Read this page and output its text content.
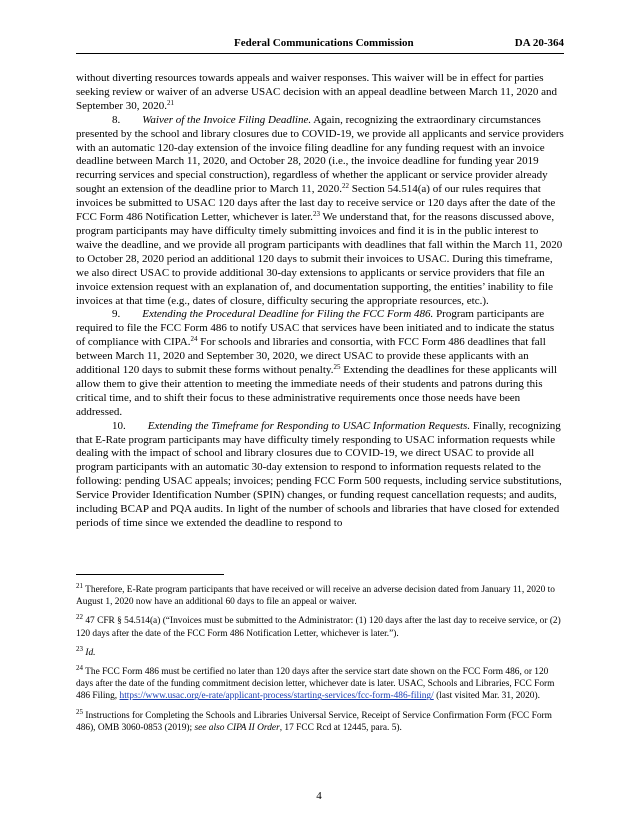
Federal Communications Commission	DA 20-364

without diverting resources towards appeals and waiver responses. This waiver will be in effect for parties seeking review or waiver of an adverse USAC decision with an appeal deadline between March 11, 2020 and September 30, 2020.21

8.   Waiver of the Invoice Filing Deadline. Again, recognizing the extraordinary circumstances presented by the school and library closures due to COVID-19, we provide all applicants and service providers with an automatic 120-day extension of the invoice filing deadline for any funding request with an invoice deadline between March 11, 2020, and October 28, 2020 (i.e., the invoice deadline for funding year 2019 recurring services and special construction), regardless of whether the applicant or service provider already sought an extension of the deadline prior to March 11, 2020.22 Section 54.514(a) of our rules requires that invoices be submitted to USAC 120 days after the last day to receive service or 120 days after the date of the FCC Form 486 Notification Letter, whichever is later.$^{23}$ We understand that, for the reasons discussed above, program participants may have difficulty timely submitting invoices and find it is in the public interest to waive the deadline, and we provide all program participants with deadlines that fall within the March 11, 2020 to October 28, 2020 period an additional 120 days to submit their invoices to USAC. During this timeframe, we also direct USAC to provide additional 30-day extensions to applicants or service providers that file an invoice extension request with an explanation of, and documentation supporting, the entities’ inability to file invoices at that time (e.g., dates of closure, difficulty securing the appropriate resources, etc.).

9.   Extending the Procedural Deadline for Filing the FCC Form 486. Program participants are required to file the FCC Form 486 to notify USAC that services have been initiated and to indicate the status of compliance with CIPA.$^{24}$ For schools and libraries and consortia, with FCC Form 486 deadlines that fall between March 11, 2020 and September 30, 2020, we direct USAC to provide these applicants with an additional 120 days to submit these forms without penalty.$^{25}$ Extending the deadlines for these applicants will allow them to give their attention to meeting the immediate needs of their students and patrons during this critical time, and to shift their focus to these administrative requirements once those needs have been addressed.

10.   Extending the Timeframe for Responding to USAC Information Requests. Finally, recognizing that E-Rate program participants may have difficulty timely responding to USAC information requests while dealing with the impact of school and library closures due to COVID-19, we direct USAC to provide all program participants with an automatic 30-day extension to respond to information requests related to the following: pending USAC appeals; invoices; pending FCC Form 500 requests, including service substitutions, Service Provider Identification Number (SPIN) changes, or funding request cancellation requests; and audits, including BCAP and PQA audits. In light of the number of schools and libraries that have closed for extended periods of time since we extended the deadline to respond to

$^{21}$ Therefore, E-Rate program participants that have received or will receive an adverse decision dated from January 11, 2020 to August 1, 2020 now have an additional 60 days to file an appeal or waiver.

$^{22}$ 47 CFR § 54.514(a) (“Invoices must be submitted to the Administrator: (1) 120 days after the last day to receive service, or (2) 120 days after the date of the FCC Form 486 Notification Letter, whichever is later.”).

$^{23}$ Id.

$^{24}$ The FCC Form 486 must be certified no later than 120 days after the service start date shown on the FCC Form 486, or 120 days after the date of the funding commitment decision letter, whichever date is later. USAC, Schools and Libraries, FCC Form 486 Filing, https://www.usac.org/e-rate/applicant-process/starting-services/fcc-form-486-filing/ (last visited Mar. 31, 2020).

$^{25}$ Instructions for Completing the Schools and Libraries Universal Service, Receipt of Service Confirmation Form (FCC Form 486), OMB 3060-0853 (2019); see also CIPA II Order, 17 FCC Rcd at 12445, para. 5).

4
